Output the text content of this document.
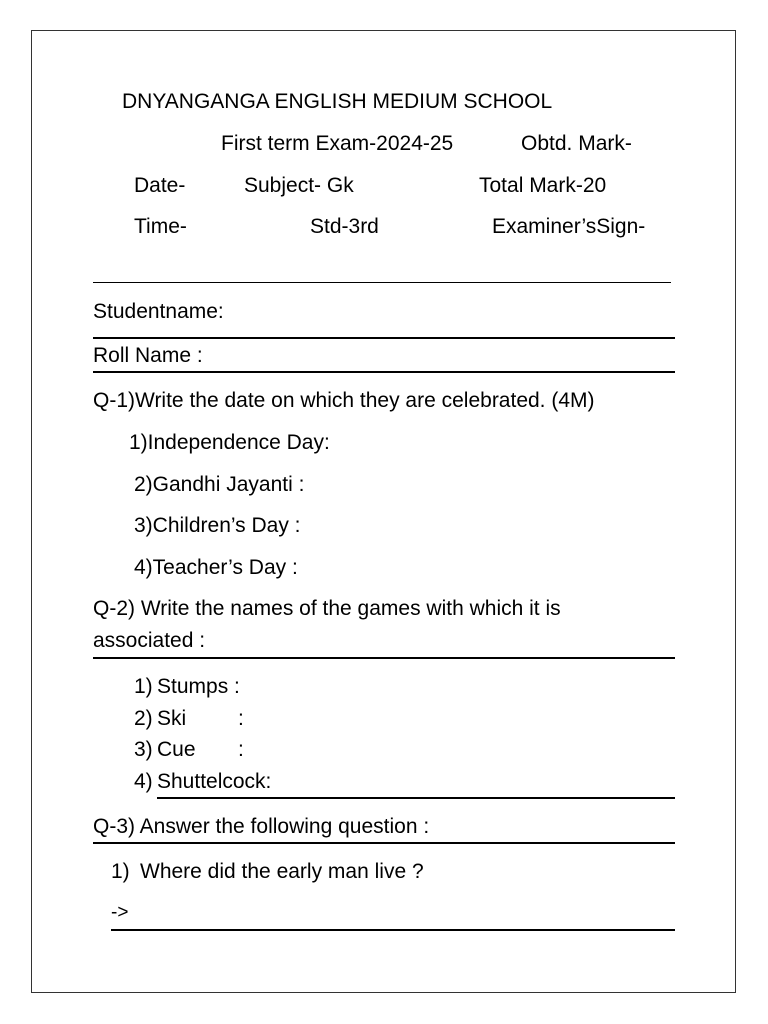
DNYANGANGA ENGLISH MEDIUM SCHOOL
First term Exam-2024-25	Obtd. Mark-
Date-	Subject- Gk	Total Mark-20
Time-	Std-3rd	Examiner’sSign-
Studentname:
Roll Name :
Q-1)Write the date on which they are celebrated. (4M)
1)Independence Day:
2)Gandhi Jayanti :
3)Children’s Day :
4)Teacher’s Day :
Q-2) Write the names of the games with which it is
associated :
1) Stumps :
2) Ski :
3) Cue :
4) Shuttelcock:
Q-3) Answer the following question :
1) Where did the early man live ?
->
